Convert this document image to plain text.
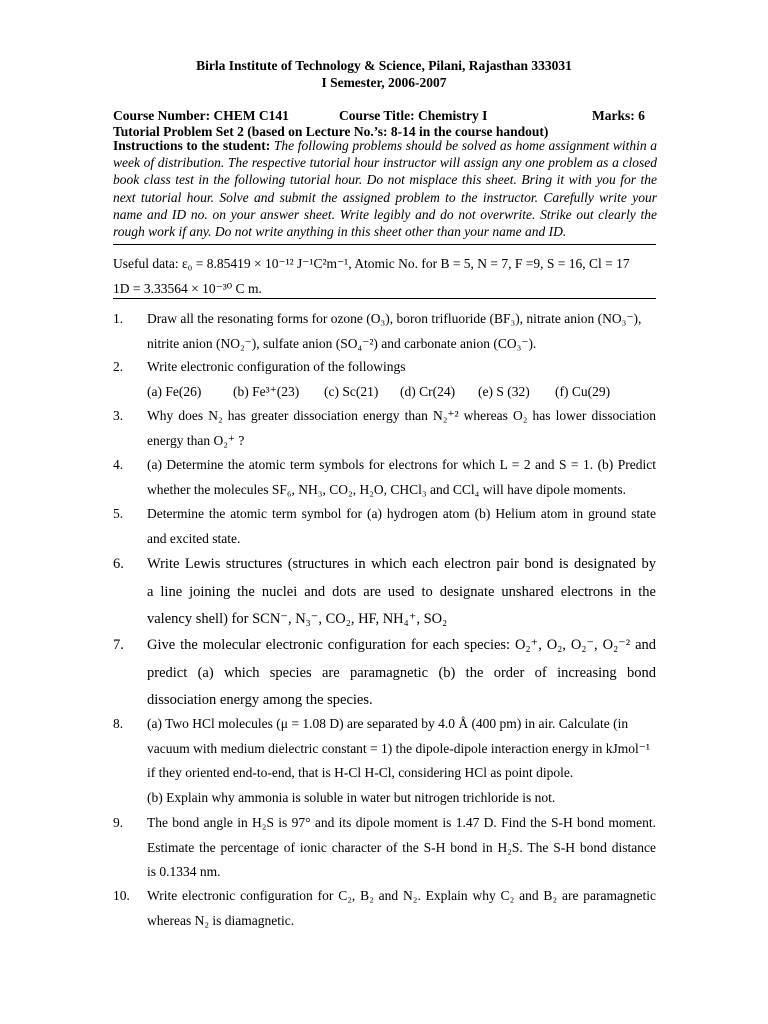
Birla Institute of Technology & Science, Pilani, Rajasthan 333031
I Semester, 2006-2007
Course Number: CHEM C141	Course Title: Chemistry I	Marks: 6
Tutorial Problem Set 2 (based on Lecture No.’s: 8-14 in the course handout)
Instructions to the student: The following problems should be solved as home assignment within a week of distribution. The respective tutorial hour instructor will assign any one problem as a closed book class test in the following tutorial hour. Do not misplace this sheet. Bring it with you for the next tutorial hour. Solve and submit the assigned problem to the instructor. Carefully write your name and ID no. on your answer sheet. Write legibly and do not overwrite. Strike out clearly the rough work if any. Do not write anything in this sheet other than your name and ID.
Useful data: ε₀ = 8.85419 × 10⁻¹² J⁻¹C²m⁻¹, Atomic No. for B = 5, N = 7, F =9, S = 16, Cl = 17
1D = 3.33564 × 10⁻³⁰ C m.
1.	Draw all the resonating forms for ozone (O₃), boron trifluoride (BF₃), nitrate anion (NO₃⁻),
nitrite anion (NO₂⁻), sulfate anion (SO₄⁻²) and carbonate anion (CO₃⁻).
2.	Write electronic configuration of the followings
(a) Fe(26) (b) Fe³⁺(23) (c) Sc(21) (d) Cr(24) (e) S (32) (f) Cu(29)
3.	Why does N₂ has greater dissociation energy than N₂⁺² whereas O₂ has lower dissociation
energy than O₂⁺ ?
4.	(a) Determine the atomic term symbols for electrons for which L = 2 and S = 1. (b) Predict
whether the molecules SF₆, NH₃, CO₂, H₂O, CHCl₃ and CCl₄ will have dipole moments.
5.	Determine the atomic term symbol for (a) hydrogen atom (b) Helium atom in ground state
and excited state.
6.	Write Lewis structures (structures in which each electron pair bond is designated by
a line joining the nuclei and dots are used to designate unshared electrons in the
valency shell) for SCN⁻, N₃⁻, CO₂, HF, NH₄⁺, SO₂
7.	Give the molecular electronic configuration for each species: O₂⁺, O₂, O₂⁻, O₂⁻² and
predict (a) which species are paramagnetic (b) the order of increasing bond
dissociation energy among the species.
8.	(a) Two HCl molecules (μ = 1.08 D) are separated by 4.0 Å (400 pm) in air. Calculate (in
vacuum with medium dielectric constant = 1) the dipole-dipole interaction energy in kJmol⁻¹
if they oriented end-to-end, that is H-Cl H-Cl, considering HCl as point dipole.
(b) Explain why ammonia is soluble in water but nitrogen trichloride is not.
9.	The bond angle in H₂S is 97° and its dipole moment is 1.47 D. Find the S-H bond moment.
Estimate the percentage of ionic character of the S-H bond in H₂S. The S-H bond distance
is 0.1334 nm.
10.	Write electronic configuration for C₂, B₂ and N₂. Explain why C₂ and B₂ are paramagnetic
whereas N₂ is diamagnetic.
